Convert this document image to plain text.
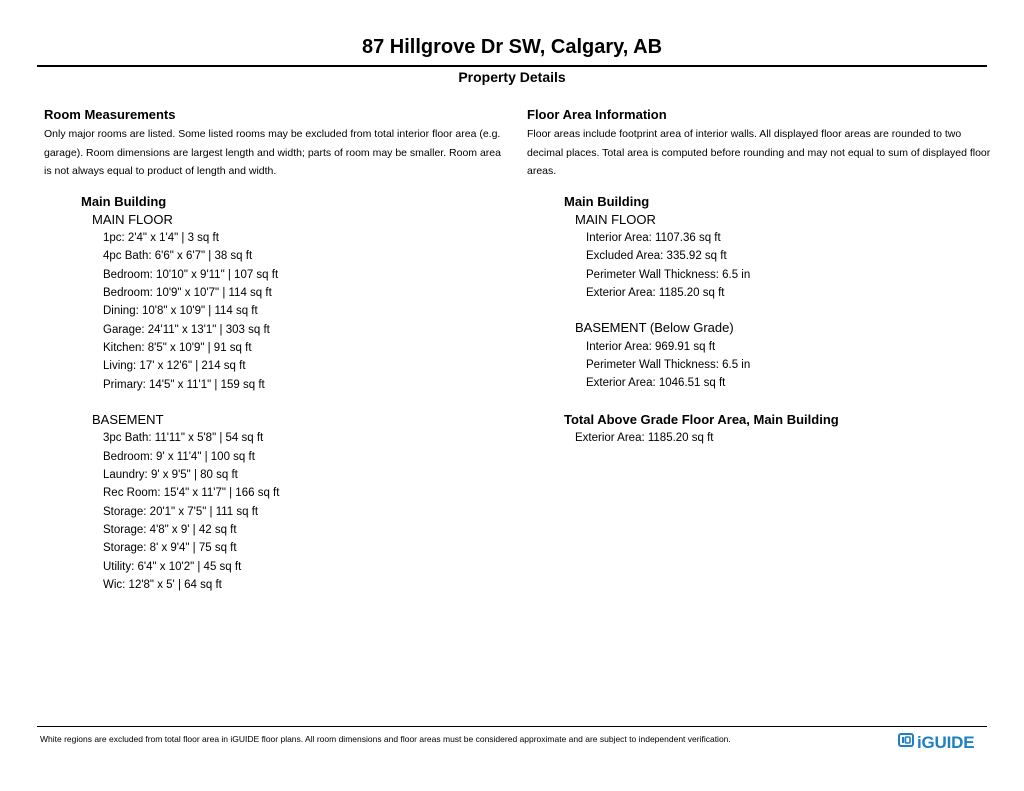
87 Hillgrove Dr SW, Calgary, AB
Property Details
Room Measurements
Only major rooms are listed. Some listed rooms may be excluded from total interior floor area (e.g. garage). Room dimensions are largest length and width; parts of room may be smaller. Room area is not always equal to product of length and width.
Main Building
MAIN FLOOR
1pc: 2'4" x 1'4" | 3 sq ft
4pc Bath: 6'6" x 6'7" | 38 sq ft
Bedroom: 10'10" x 9'11" | 107 sq ft
Bedroom: 10'9" x 10'7" | 114 sq ft
Dining: 10'8" x 10'9" | 114 sq ft
Garage: 24'11" x 13'1" | 303 sq ft
Kitchen: 8'5" x 10'9" | 91 sq ft
Living: 17' x 12'6" | 214 sq ft
Primary: 14'5" x 11'1" | 159 sq ft
BASEMENT
3pc Bath: 11'11" x 5'8" | 54 sq ft
Bedroom: 9' x 11'4" | 100 sq ft
Laundry: 9' x 9'5" | 80 sq ft
Rec Room: 15'4" x 11'7" | 166 sq ft
Storage: 20'1" x 7'5" | 111 sq ft
Storage: 4'8" x 9' | 42 sq ft
Storage: 8' x 9'4" | 75 sq ft
Utility: 6'4" x 10'2" | 45 sq ft
Wic: 12'8" x 5' | 64 sq ft
Floor Area Information
Floor areas include footprint area of interior walls. All displayed floor areas are rounded to two decimal places. Total area is computed before rounding and may not equal to sum of displayed floor areas.
Main Building
MAIN FLOOR
Interior Area: 1107.36 sq ft
Excluded Area: 335.92 sq ft
Perimeter Wall Thickness: 6.5 in
Exterior Area: 1185.20 sq ft
BASEMENT (Below Grade)
Interior Area: 969.91 sq ft
Perimeter Wall Thickness: 6.5 in
Exterior Area: 1046.51 sq ft
Total Above Grade Floor Area, Main Building
Exterior Area: 1185.20 sq ft
White regions are excluded from total floor area in iGUIDE floor plans. All room dimensions and floor areas must be considered approximate and are subject to independent verification.	iGUIDE
